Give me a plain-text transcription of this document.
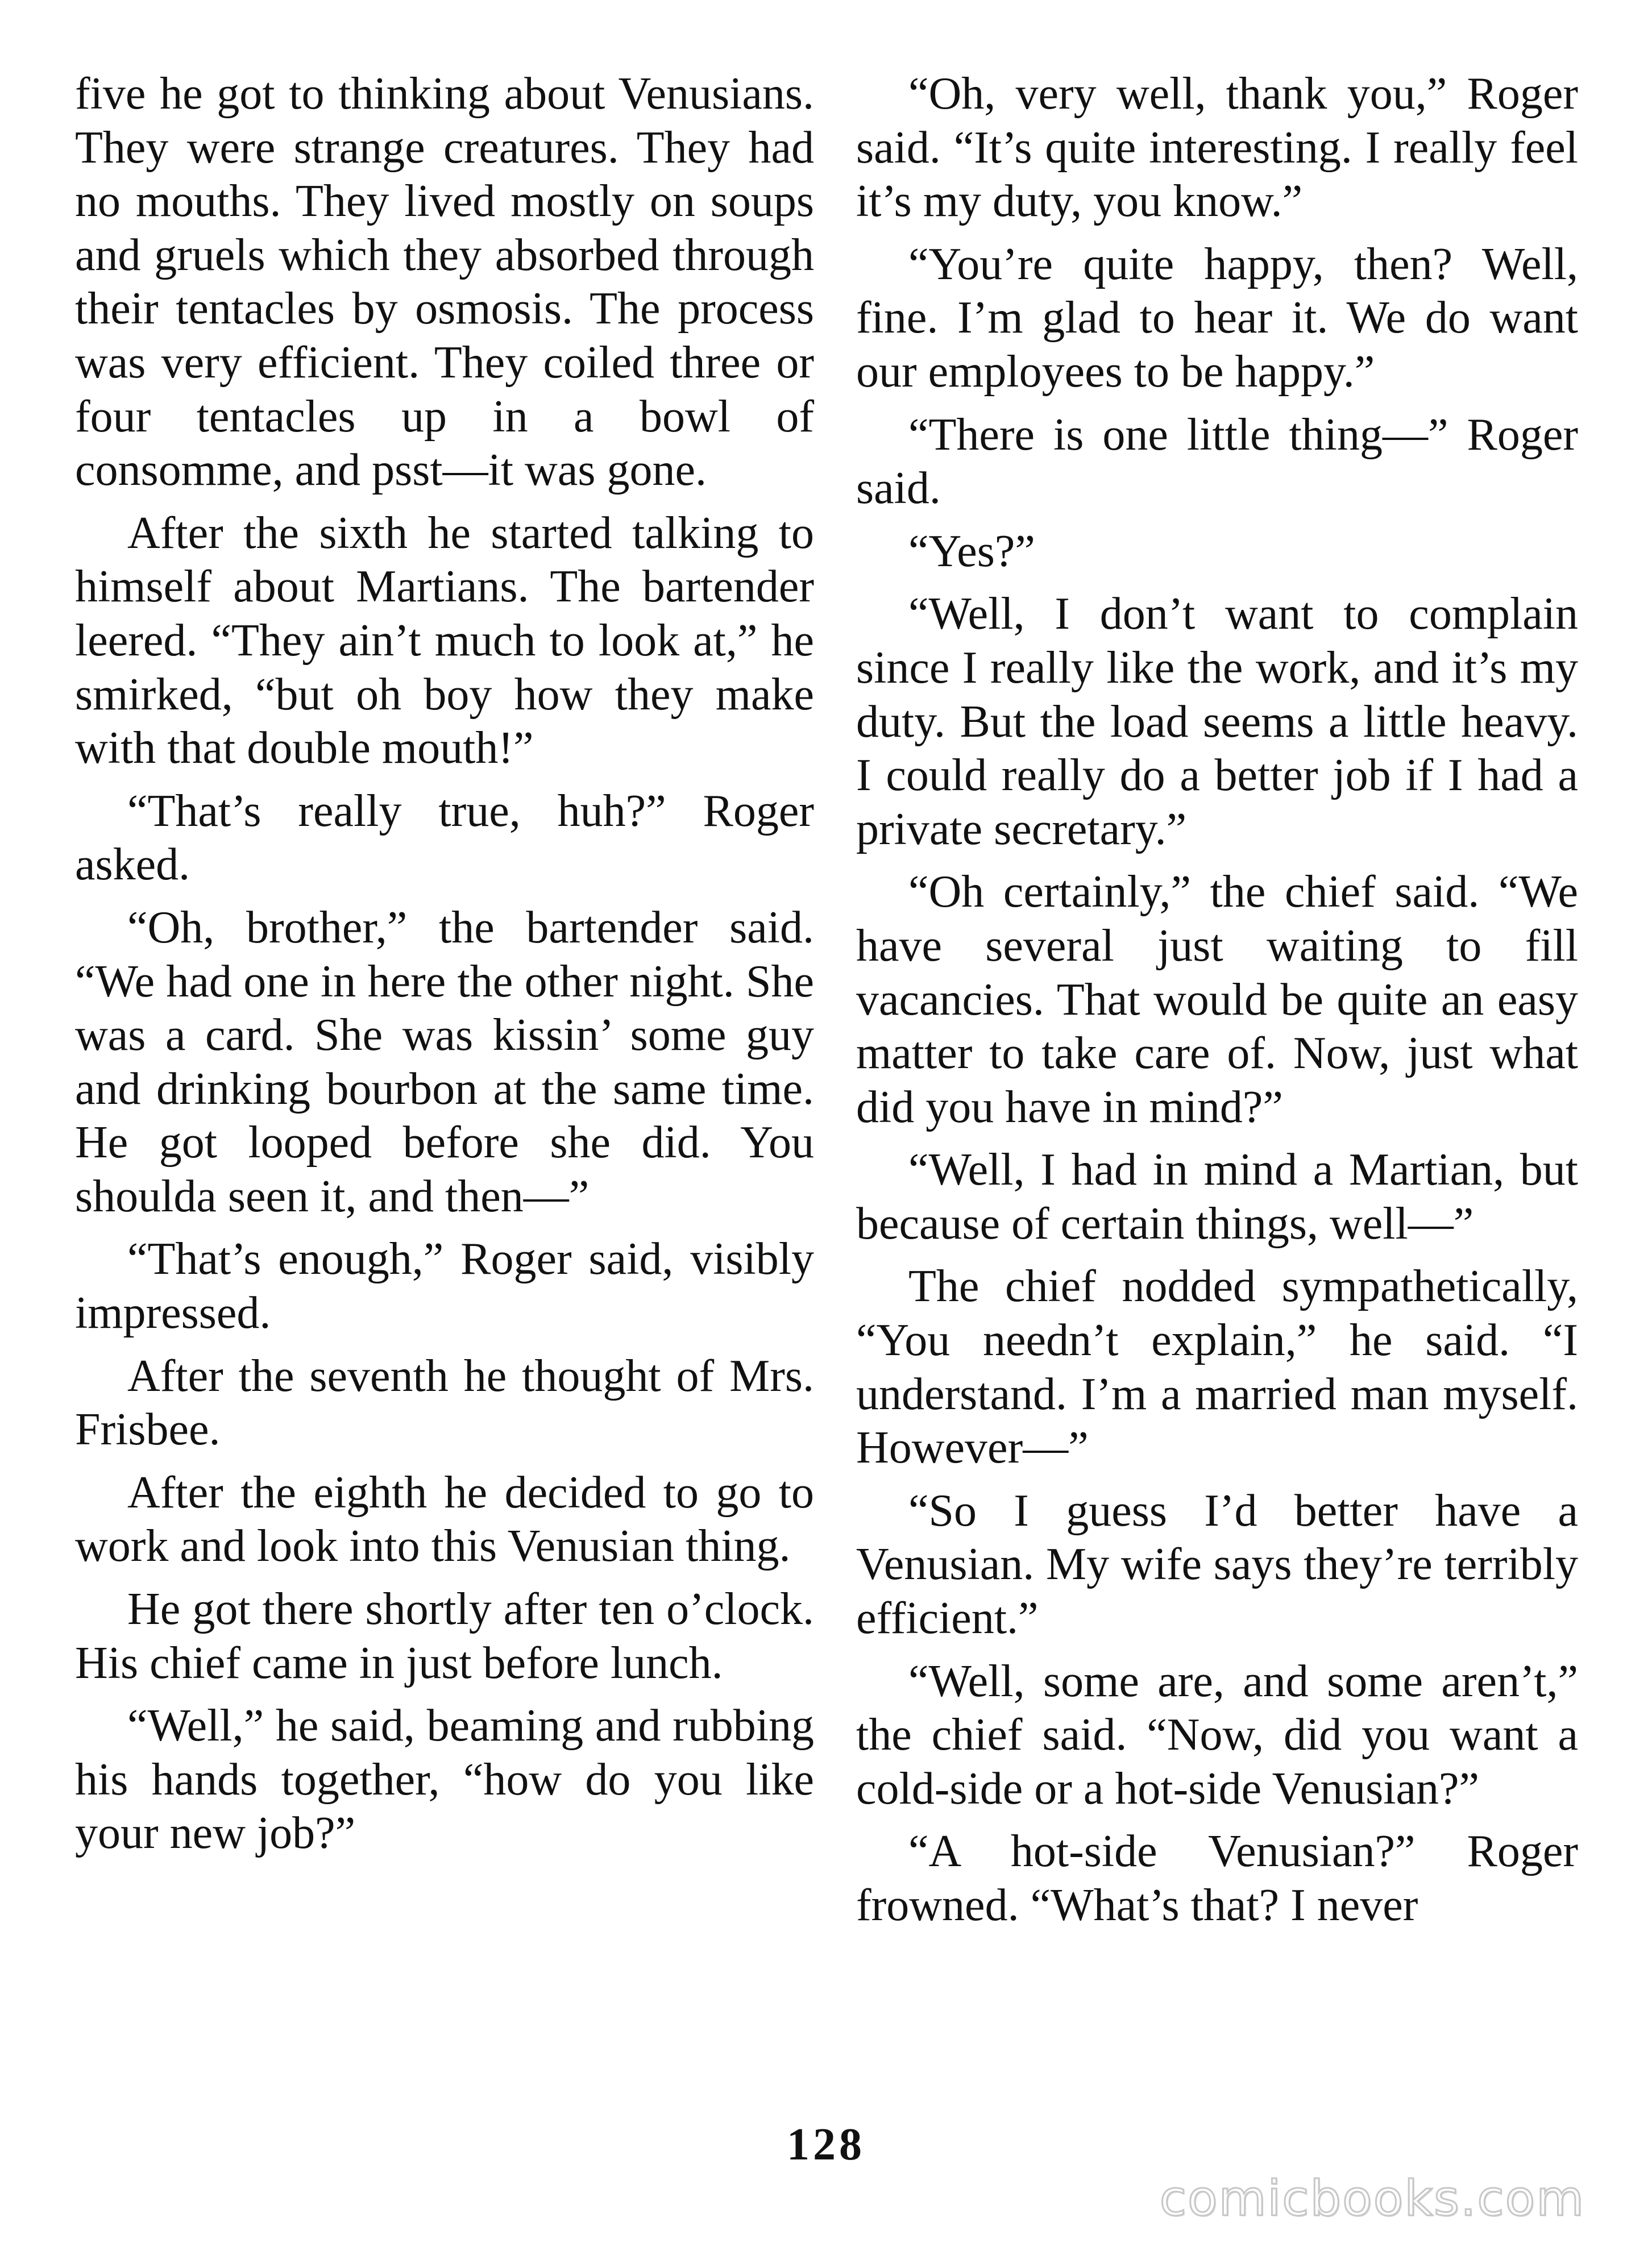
five he got to thinking about Venusians. They were strange creatures. They had no mouths. They lived mostly on soups and gruels which they absorbed through their tentacles by osmosis. The process was very efficient. They coiled three or four tentacles up in a bowl of consomme, and psst—it was gone.

After the sixth he started talking to himself about Martians. The bartender leered. “They ain’t much to look at,” he smirked, “but oh boy how they make with that double mouth!”

“That’s really true, huh?” Roger asked.

“Oh, brother,” the bartender said. “We had one in here the other night. She was a card. She was kissin’ some guy and drinking bourbon at the same time. He got looped before she did. You shoulda seen it, and then—”

“That’s enough,” Roger said, visibly impressed.

After the seventh he thought of Mrs. Frisbee.

After the eighth he decided to go to work and look into this Venusian thing.

He got there shortly after ten o’clock. His chief came in just before lunch.

“Well,” he said, beaming and rubbing his hands together, “how do you like your new job?”

“Oh, very well, thank you,” Roger said. “It’s quite interesting. I really feel it’s my duty, you know.”

“You’re quite happy, then? Well, fine. I’m glad to hear it. We do want our employees to be happy.”

“There is one little thing—” Roger said.

“Yes?”

“Well, I don’t want to complain since I really like the work, and it’s my duty. But the load seems a little heavy. I could really do a better job if I had a private secretary.”

“Oh certainly,” the chief said. “We have several just waiting to fill vacancies. That would be quite an easy matter to take care of. Now, just what did you have in mind?”

“Well, I had in mind a Martian, but because of certain things, well—”

The chief nodded sympathetically, “You needn’t explain,” he said. “I understand. I’m a married man myself. However—”

“So I guess I’d better have a Venusian. My wife says they’re terribly efficient.”

“Well, some are, and some aren’t,” the chief said. “Now, did you want a cold-side or a hot-side Venusian?”

“A hot-side Venusian?” Roger frowned. “What’s that? I never

128
comicbooks.com
